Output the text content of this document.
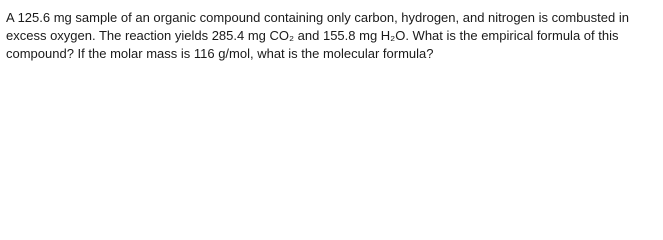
A 125.6 mg sample of an organic compound containing only carbon, hydrogen, and nitrogen is combusted in
excess oxygen. The reaction yields 285.4 mg CO₂ and 155.8 mg H₂O. What is the empirical formula of this
compound? If the molar mass is 116 g/mol, what is the molecular formula?
